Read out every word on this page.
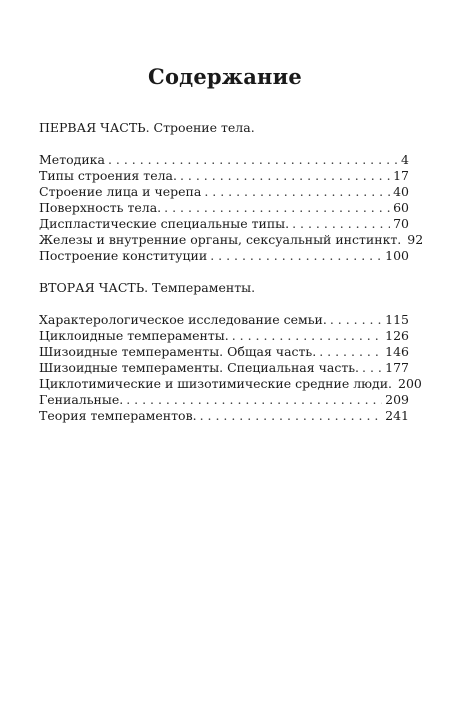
Содержание
ПЕРВАЯ ЧАСТЬ. Строение тела.
Методика . . .	4
Типы строения тела. . . .	17
Строение лица и черепа . . .	40
Поверхность тела. . . .	60
Диспластические специальные типы. . . .	70
Железы и внутренние органы, сексуальный инстинкт. 92
Построение конституции . . .	100
ВТОРАЯ ЧАСТЬ. Темпераменты.
Характерологическое исследование семьи. . . .	115
Циклоидные темпераменты. . . .	126
Шизоидные темпераменты. Общая часть. . . .	146
Шизоидные темпераменты. Специальная часть. . . . 177
Циклотимические и шизотимические средние люди. 200
Гениальные. . . .	209
Теория темпераментов. . . .	241
